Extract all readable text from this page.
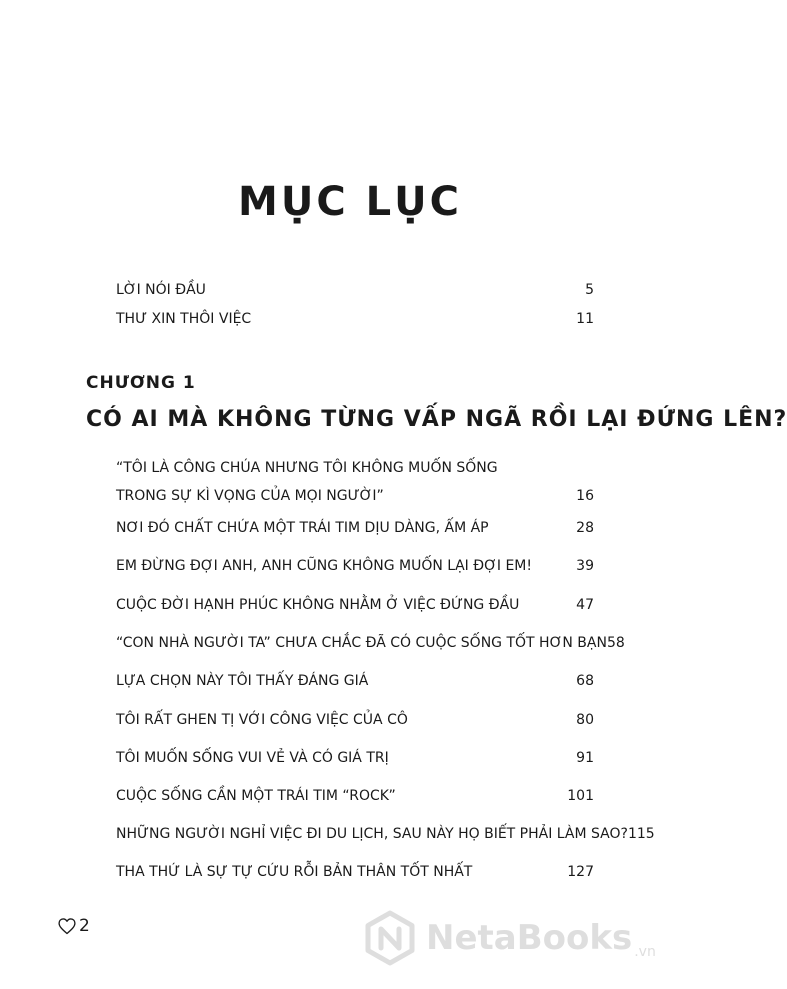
MỤC LỤC
LỜI NÓI ĐẦU	5
THƯ XIN THÔI VIỆC	11
CHƯƠNG 1
CÓ AI MÀ KHÔNG TỪNG VẤP NGÃ RỒI LẠI ĐỨNG LÊN?
“TÔI LÀ CÔNG CHÚA NHƯNG TÔI KHÔNG MUỐN SỐNG
TRONG SỰ KÌ VỌNG CỦA MỌI NGƯỜI”	16
NƠI ĐÓ CHẤT CHỨA MỘT TRÁI TIM DỊU DÀNG, ẤM ÁP	28
EM ĐỪNG ĐỢI ANH, ANH CŨNG KHÔNG MUỐN LẠI ĐỢI EM!	39
CUỘC ĐỜI HẠNH PHÚC KHÔNG NHẰM Ở VIỆC ĐỨNG ĐẦU	47
“CON NHÀ NGƯỜI TA” CHƯA CHẮC ĐÃ CÓ CUỘC SỐNG TỐT HƠN BẠN 58
LỰA CHỌN NÀY TÔI THẤY ĐÁNG GIÁ	68
TÔI RẤT GHEN TỊ VỚI CÔNG VIỆC CỦA CÔ	80
TÔI MUỐN SỐNG VUI VẺ VÀ CÓ GIÁ TRỊ	91
CUỘC SỐNG CẦN MỘT TRÁI TIM “ROCK”	101
NHỮNG NGƯỜI NGHỈ VIỆC ĐI DU LỊCH, SAU NÀY HỌ BIẾT PHẢI LÀM SAO? 115
THA THỨ LÀ SỰ TỰ CỨU RỖI BẢN THÂN TỐT NHẤT	127
2	NetaBooks .vn
